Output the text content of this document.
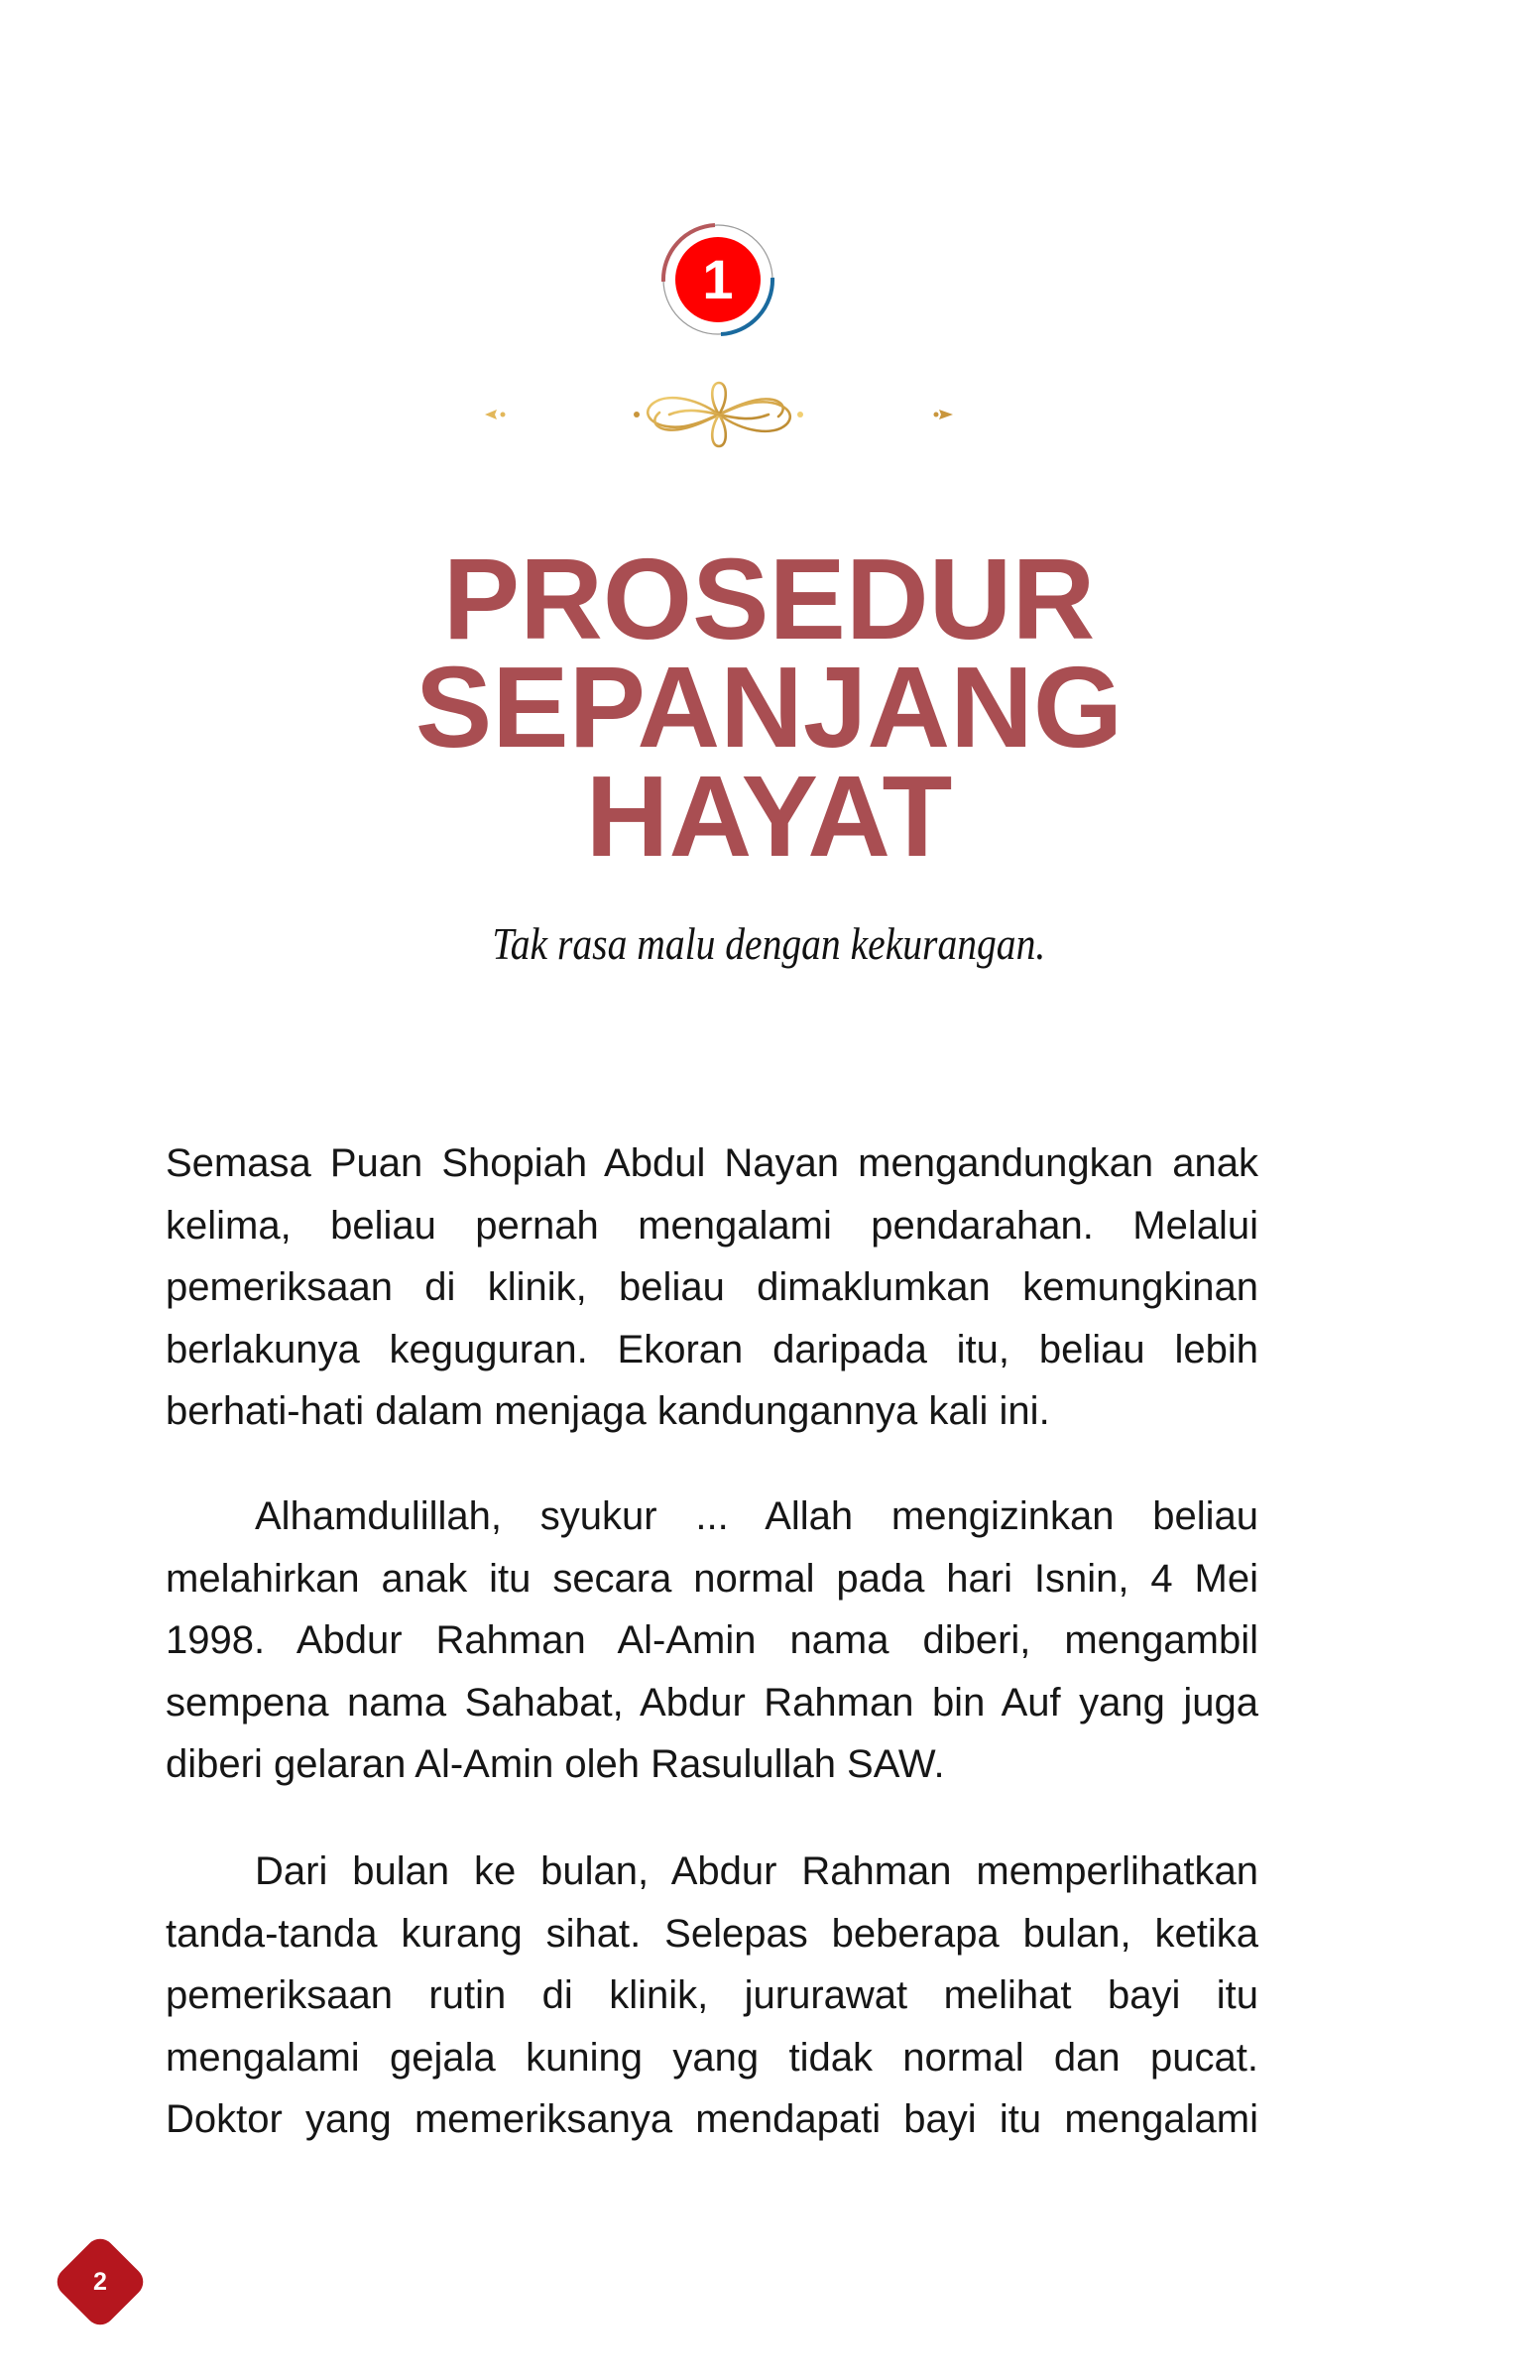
1
PROSEDUR
SEPANJANG
HAYAT
Tak rasa malu dengan kekurangan.
Semasa Puan Shopiah Abdul Nayan mengandungkan anak
kelima, beliau pernah mengalami pendarahan. Melalui
pemeriksaan di klinik, beliau dimaklumkan kemungkinan
berlakunya keguguran. Ekoran daripada itu, beliau lebih
berhati-hati dalam menjaga kandungannya kali ini.
Alhamdulillah, syukur ... Allah mengizinkan beliau
melahirkan anak itu secara normal pada hari Isnin, 4 Mei
1998. Abdur Rahman Al-Amin nama diberi, mengambil
sempena nama Sahabat, Abdur Rahman bin Auf yang juga
diberi gelaran Al-Amin oleh Rasulullah SAW.
Dari bulan ke bulan, Abdur Rahman memperlihatkan
tanda-tanda kurang sihat. Selepas beberapa bulan, ketika
pemeriksaan rutin di klinik, jururawat melihat bayi itu
mengalami gejala kuning yang tidak normal dan pucat.
Doktor yang memeriksanya mendapati bayi itu mengalami
2
